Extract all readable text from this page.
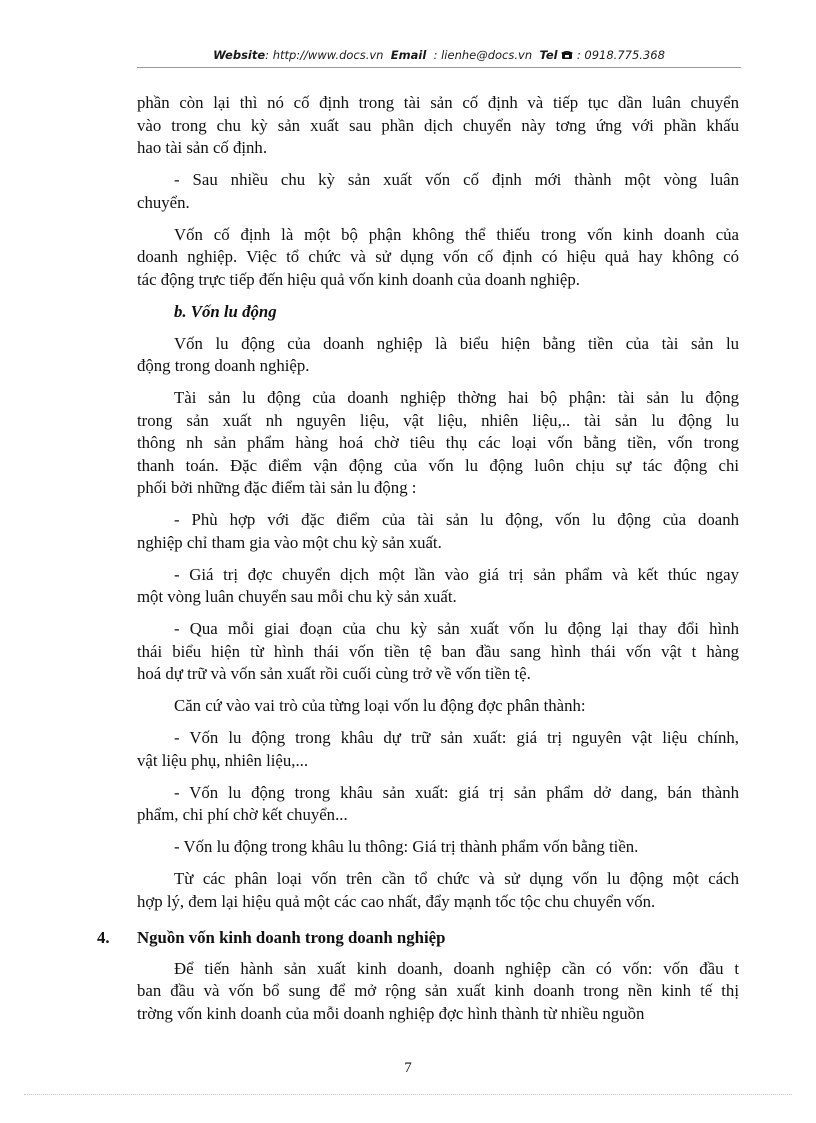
Website: http://www.docs.vn Email : lienhe@docs.vn Tel : 0918.775.368
phần còn lại thì nó cố định trong tài sản cố định và tiếp tục dần luân chuyển
vào trong chu kỳ sản xuất sau phần dịch chuyển này tơng ứng với phần khấu
hao tài sản cố định.
- Sau nhiều chu kỳ sản xuất vốn cố định mới thành một vòng luân
chuyển.
Vốn cố định là một bộ phận không thể thiếu trong vốn kinh doanh của
doanh nghiệp. Việc tổ chức và sử dụng vốn cố định có hiệu quả hay không có
tác động trực tiếp đến hiệu quả vốn kinh doanh của doanh nghiệp.
b. Vốn lu động
Vốn lu động của doanh nghiệp là biểu hiện bằng tiền của tài sản lu
động trong doanh nghiệp.
Tài sản lu động của doanh nghiệp thờng hai bộ phận: tài sản lu động
trong sản xuất nh nguyên liệu, vật liệu, nhiên liệu,.. tài sản lu động lu
thông nh sản phẩm hàng hoá chờ tiêu thụ các loại vốn bằng tiền, vốn trong
thanh toán. Đặc điểm vận động của vốn lu động luôn chịu sự tác động chi
phối bởi những đặc điểm tài sản lu động :
- Phù hợp với đặc điểm của tài sản lu động, vốn lu động của doanh
nghiệp chỉ tham gia vào một chu kỳ sản xuất.
- Giá trị đợc chuyển dịch một lần vào giá trị sản phẩm và kết thúc ngay
một vòng luân chuyển sau mỗi chu kỳ sản xuất.
- Qua mỗi giai đoạn của chu kỳ sản xuất vốn lu động lại thay đổi hình
thái biểu hiện từ hình thái vốn tiền tệ ban đầu sang hình thái vốn vật t hàng
hoá dự trữ và vốn sản xuất rồi cuối cùng trở về vốn tiền tệ.
Căn cứ vào vai trò của từng loại vốn lu động đợc phân thành:
- Vốn lu động trong khâu dự trữ sản xuất: giá trị nguyên vật liệu chính,
vật liệu phụ, nhiên liệu,...
- Vốn lu động trong khâu sản xuất: giá trị sản phẩm dở dang, bán thành
phẩm, chi phí chờ kết chuyển...
- Vốn lu động trong khâu lu thông: Giá trị thành phẩm vốn bằng tiền.
Từ các phân loại vốn trên cần tổ chức và sử dụng vốn lu động một cách
hợp lý, đem lại hiệu quả một các cao nhất, đẩy mạnh tốc tộc chu chuyển vốn.
4. Nguồn vốn kinh doanh trong doanh nghiệp
Để tiến hành sản xuất kinh doanh, doanh nghiệp cần có vốn: vốn đầu t
ban đầu và vốn bổ sung để mở rộng sản xuất kinh doanh trong nền kinh tế thị
trờng vốn kinh doanh của mỗi doanh nghiệp đợc hình thành từ nhiều nguồn
7
